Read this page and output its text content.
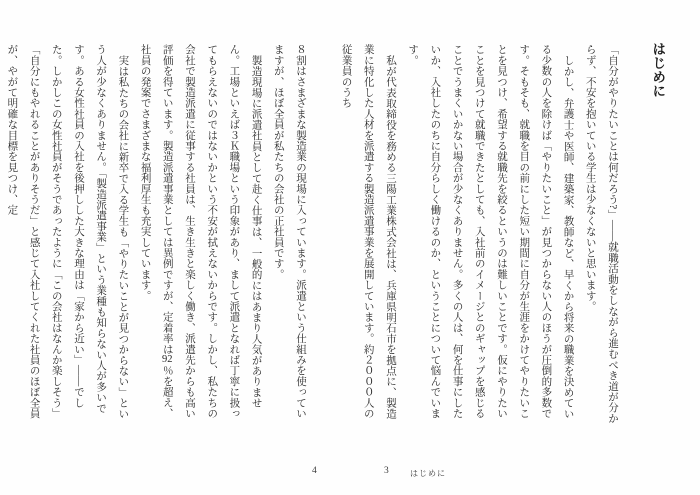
はじめに

「自分がやりたいことは何だろう?」――就職活動をしながら進むべき道が分からず、不安を抱いている学生は少なくないと思います。

しかし、弁護士や医師、建築家、教師など、早くから将来の職業を決めている少数の人を除けば「やりたいこと」が見つからない人のほうが圧倒的多数です。そもそも、就職を目の前にした短い期間に自分が生涯をかけてやりたいことを見つけ、希望する就職先を絞るというのは難しいことです。仮にやりたいことを見つけて就職できたとしても、入社前のイメージとのギャップを感じることでうまくいかない場合が少なくありません。多くの人は、何を仕事にしたいか、入社したのちに自分らしく働けるのか、ということについて悩んでいます。

私が代表取締役を務める三陽工業株式会社は、兵庫県明石市を拠点に、製造業に特化した人材を派遣する製造派遣事業を展開しています。約２０００人の従業員のうち

3	はじめに

８割はさまざまな製造業の現場に入っています。派遣という仕組みを使っていますが、ほぼ全員が私たちの会社の正社員です。

製造現場に派遣社員として赴く仕事は、一般的にはあまり人気がありません。工場といえば３Ｋ職場という印象があり、まして派遣となれば丁寧に扱ってもらえないのではないかという不安が拭えないからです。しかし、私たちの会社で製造派遣に従事する社員は、生き生きと楽しく働き、派遣先からも高い評価を得ています。製造派遣事業としては異例ですが、定着率は92％を超え、社員の発案でさまざまな福利厚生も充実しています。

実は私たちの会社に新卒で入る学生も「やりたいことが見つからない」という人が少なくありません。「製造派遣事業」という業種も知らない人が多いです。ある女性社員の入社を後押しした大きな理由は「家から近い」――でした。しかしこの女性社員がそうであったように「この会社はなんか楽しそう」「自分にもやれることがありそうだ」と感じて入社してくれた社員のほぼ全員が、やがて明確な目標を見つけ、定

4
